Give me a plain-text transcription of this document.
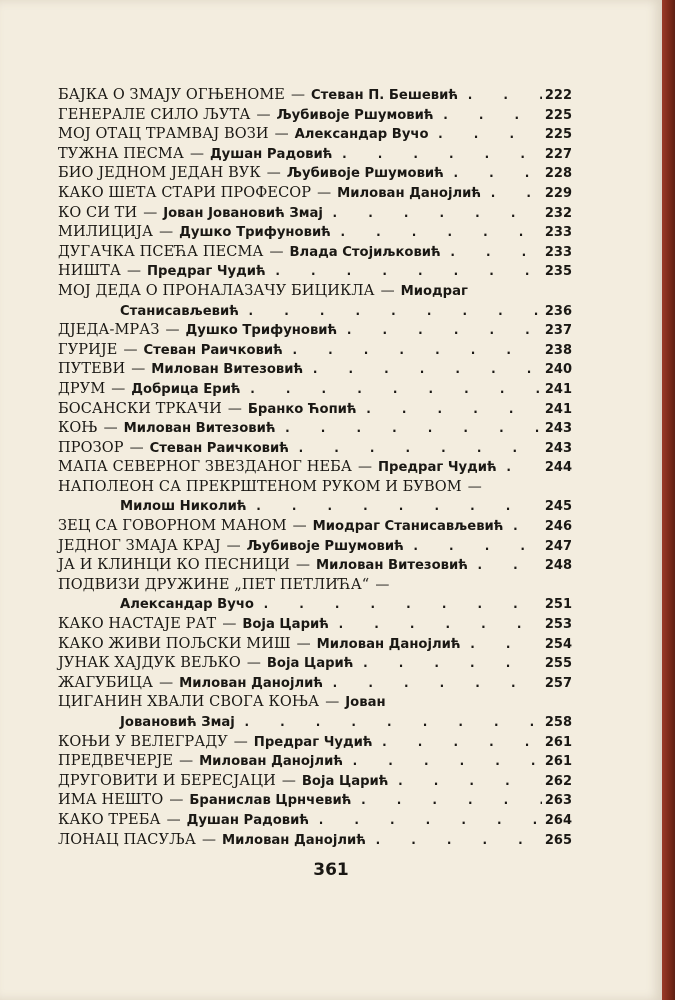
БАЈКА О ЗМАЈУ ОГЊЕНОМЕ — Стеван П. Бешевић . . .	222
ГЕНЕРАЛЕ СИЛО ЉУТА — Љубивоје Ршумовић . . .	225
МОЈ ОТАЦ ТРАМВАЈ ВОЗИ — Александар Вучо . . .	225
ТУЖНА ПЕСМА — Душан Радовић . . .	227
БИО ЈЕДНОМ ЈЕДАН ВУК — Љубивоје Ршумовић . . .	228
КАКО ШЕТА СТАРИ ПРОФЕСОР — Милован Данојлић . . .	229
КО СИ ТИ — Јован Јовановић Змај . . .	232
МИЛИЦИЈА — Душко Трифуновић . . .	233
ДУГАЧКА ПСЕЋА ПЕСМА — Влада Стојиљковић . . .	233
НИШТА — Предраг Чудић . . .	235
МОЈ ДЕДА О ПРОНАЛАЗАЧУ БИЦИКЛА — Миодраг
Станисављевић . . .	236
ДЈЕДА-МРАЗ — Душко Трифуновић . . .	237
ГУРИЈЕ — Стеван Раичковић . . .	238
ПУТЕВИ — Милован Витезовић . . .	240
ДРУМ — Добрица Ерић . . .	241
БОСАНСКИ ТРКАЧИ — Бранко Ћопић . . .	241
КОЊ — Милован Витезовић . . .	243
ПРОЗОР — Стеван Раичковић . . .	243
МАПА СЕВЕРНОГ ЗВЕЗДАНОГ НЕБА — Предраг Чудић . . .	244
НАПОЛЕОН СА ПРЕКРШТЕНОМ РУКОМ И БУВОМ —
Милош Николић . . .	245
ЗЕЦ СА ГОВОРНОМ МАНОМ — Миодраг Станисављевић . . .	246
ЈЕДНОГ ЗМАЈА КРАЈ — Љубивоје Ршумовић . . .	247
ЈА И КЛИНЦИ КО ПЕСНИЦИ — Милован Витезовић . . .	248
ПОДВИЗИ ДРУЖИНЕ „ПЕТ ПЕТЛИЋА“ —
Александар Вучо . . .	251
КАКО НАСТАЈЕ РАТ — Воја Царић . . .	253
КАКО ЖИВИ ПОЉСКИ МИШ — Милован Данојлић . . .	254
ЈУНАК ХАЈДУК ВЕЉКО — Воја Царић . . .	255
ЖАГУБИЦА — Милован Данојлић . . .	257
ЦИГАНИН ХВАЛИ СВОГА КОЊА — Јован
Јовановић Змај . . .	258
КОЊИ У ВЕЛЕГРАДУ — Предраг Чудић . . .	261
ПРЕДВЕЧЕРЈЕ — Милован Данојлић . . .	261
ДРУГОВИТИ И БЕРЕСЈАЦИ — Воја Царић . . .	262
ИМА НЕШТО — Бранислав Црнчевић . . .	263
КАКО ТРЕБА — Душан Радовић . . .	264
ЛОНАЦ ПАСУЉА — Милован Данојлић . . .	265
361
